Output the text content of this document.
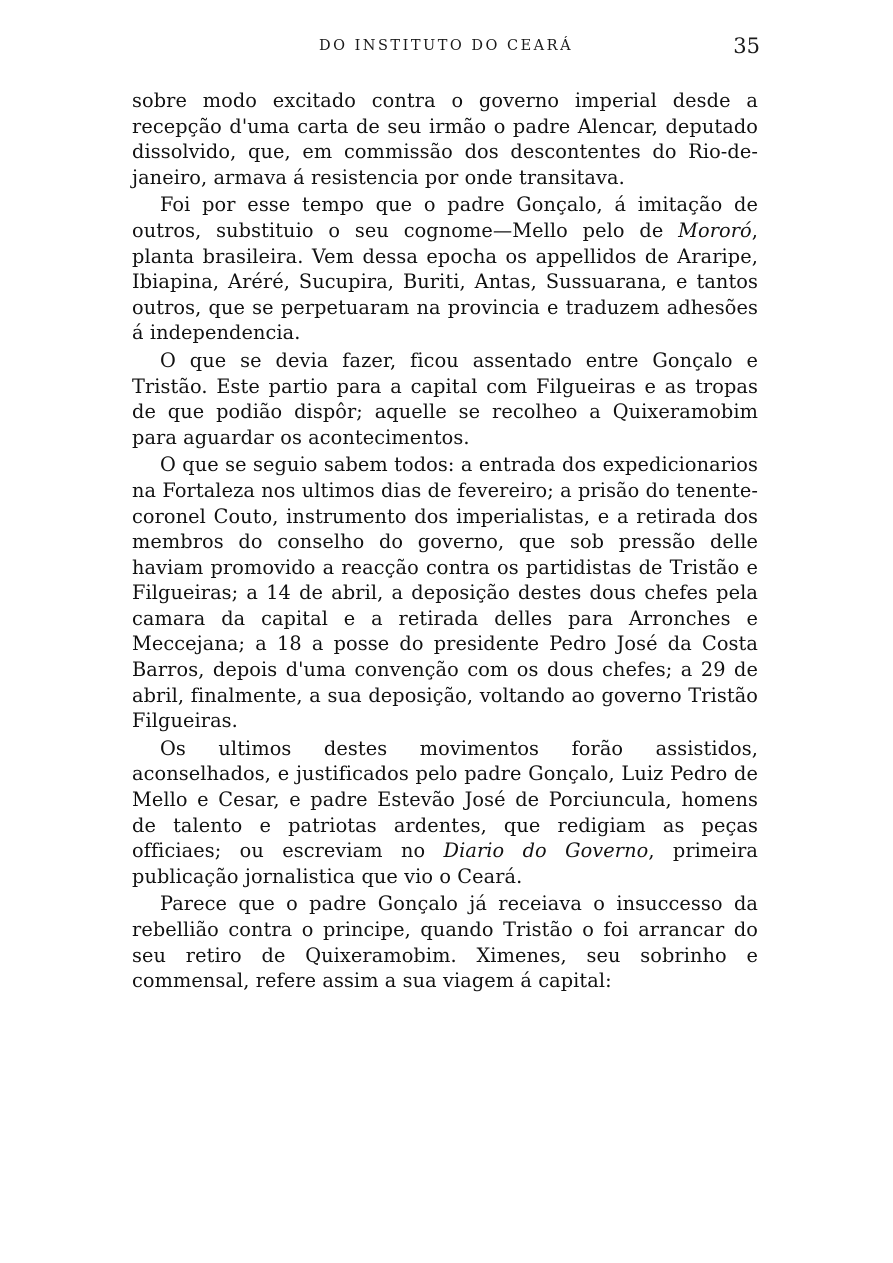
DO INSTITUTO DO CEARÁ	35

sobre modo excitado contra o governo imperial desde a recepção d'uma carta de seu irmão o padre Alencar, deputado dissolvido, que, em commissão dos descontentes do Rio-de-janeiro, armava á resistencia por onde transitava.

Foi por esse tempo que o padre Gonçalo, á imitação de outros, substituio o seu cognome—Mello pelo de Mororó, planta brasileira. Vem dessa epocha os appellidos de Araripe, Ibiapina, Aréré, Sucupira, Buriti, Antas, Sussuarana, e tantos outros, que se perpetuaram na provincia e traduzem adhesões á independencia.

O que se devia fazer, ficou assentado entre Gonçalo e Tristão. Este partio para a capital com Filgueiras e as tropas de que podião dispôr; aquelle se recolheo a Quixeramobim para aguardar os acontecimentos.

O que se seguio sabem todos: a entrada dos expedicionarios na Fortaleza nos ultimos dias de fevereiro; a prisão do tenente-coronel Couto, instrumento dos imperialistas, e a retirada dos membros do conselho do governo, que sob pressão delle haviam promovido a reacção contra os partidistas de Tristão e Filgueiras; a 14 de abril, a deposição destes dous chefes pela camara da capital e a retirada delles para Arronches e Meccejana; a 18 a posse do presidente Pedro José da Costa Barros, depois d'uma convenção com os dous chefes; a 29 de abril, finalmente, a sua deposição, voltando ao governo Tristão Filgueiras.

Os ultimos destes movimentos forão assistidos, aconselhados, e justificados pelo padre Gonçalo, Luiz Pedro de Mello e Cesar, e padre Estevão José de Porciuncula, homens de talento e patriotas ardentes, que redigiam as peças officiaes; ou escreviam no Diario do Governo, primeira publicação jornalistica que vio o Ceará.

Parece que o padre Gonçalo já receiava o insuccesso da rebellião contra o principe, quando Tristão o foi arrancar do seu retiro de Quixeramobim. Ximenes, seu sobrinho e commensal, refere assim a sua viagem á capital:
